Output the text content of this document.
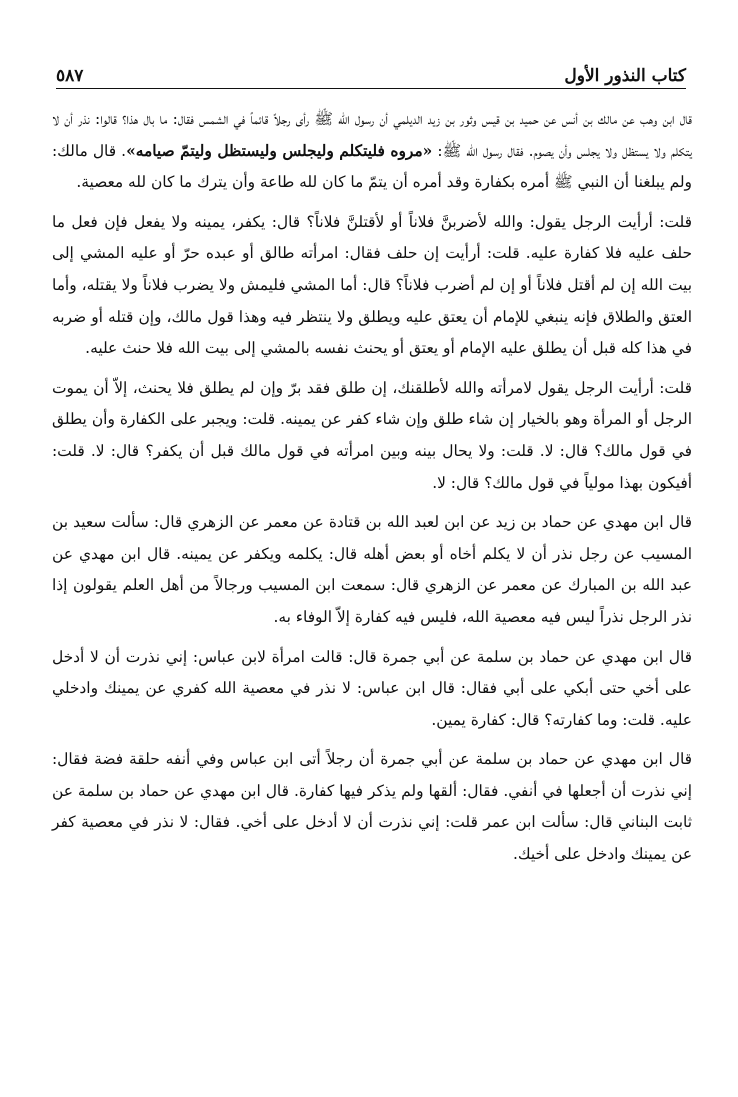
كتاب النذور الأول
٥٨٧

قال ابن وهب عن مالك بن أنس عن حميد بن قيس وثور بن زيد الديلمي أن رسول الله ﷺ رأى رجلاً قائماً في الشمس فقال: ما بال هذا؟ قالوا: نذر أن لا يتكلم ولا يستظل ولا يجلس وأن يصوم. فقال رسول الله ﷺ: «مروه فليتكلم وليجلس وليستظل وليتمّ صيامه». قال مالك: ولم يبلغنا أن النبي ﷺ أمره بكفارة وقد أمره أن يتمّ ما كان لله طاعة وأن يترك ما كان لله معصية.

قلت: أرأيت الرجل يقول: والله لأضربنَّ فلاناً أو لأقتلنَّ فلاناً؟ قال: يكفر، يمينه ولا يفعل فإن فعل ما حلف عليه فلا كفارة عليه. قلت: أرأيت إن حلف فقال: امرأته طالق أو عبده حرّ أو عليه المشي إلى بيت الله إن لم أقتل فلاناً أو إن لم أضرب فلاناً؟ قال: أما المشي فليمش ولا يضرب فلاناً ولا يقتله، وأما العتق والطلاق فإنه ينبغي للإمام أن يعتق عليه ويطلق ولا ينتظر فيه وهذا قول مالك، وإن قتله أو ضربه في هذا كله قبل أن يطلق عليه الإمام أو يعتق أو يحنث نفسه بالمشي إلى بيت الله فلا حنث عليه.

قلت: أرأيت الرجل يقول لامرأته والله لأطلقنك، إن طلق فقد برّ وإن لم يطلق فلا يحنث، إلاّ أن يموت الرجل أو المرأة وهو بالخيار إن شاء طلق وإن شاء كفر عن يمينه. قلت: ويجبر على الكفارة وأن يطلق في قول مالك؟ قال: لا. قلت: ولا يحال بينه وبين امرأته في قول مالك قبل أن يكفر؟ قال: لا. قلت: أفيكون بهذا مولياً في قول مالك؟ قال: لا.

قال ابن مهدي عن حماد بن زيد عن ابن لعبد الله بن قتادة عن معمر عن الزهري قال: سألت سعيد بن المسيب عن رجل نذر أن لا يكلم أخاه أو بعض أهله قال: يكلمه ويكفر عن يمينه. قال ابن مهدي عن عبد الله بن المبارك عن معمر عن الزهري قال: سمعت ابن المسيب ورجالاً من أهل العلم يقولون إذا نذر الرجل نذراً ليس فيه معصية الله، فليس فيه كفارة إلاّ الوفاء به.

قال ابن مهدي عن حماد بن سلمة عن أبي جمرة قال: قالت امرأة لابن عباس: إني نذرت أن لا أدخل على أخي حتى أبكي على أبي فقال: قال ابن عباس: لا نذر في معصية الله كفري عن يمينك وادخلي عليه. قلت: وما كفارته؟ قال: كفارة يمين.

قال ابن مهدي عن حماد بن سلمة عن أبي جمرة أن رجلاً أتى ابن عباس وفي أنفه حلقة فضة فقال: إني نذرت أن أجعلها في أنفي. فقال: ألقها ولم يذكر فيها كفارة. قال ابن مهدي عن حماد بن سلمة عن ثابت البناني قال: سألت ابن عمر قلت: إني نذرت أن لا أدخل على أخي. فقال: لا نذر في معصية كفر عن يمينك وادخل على أخيك.
